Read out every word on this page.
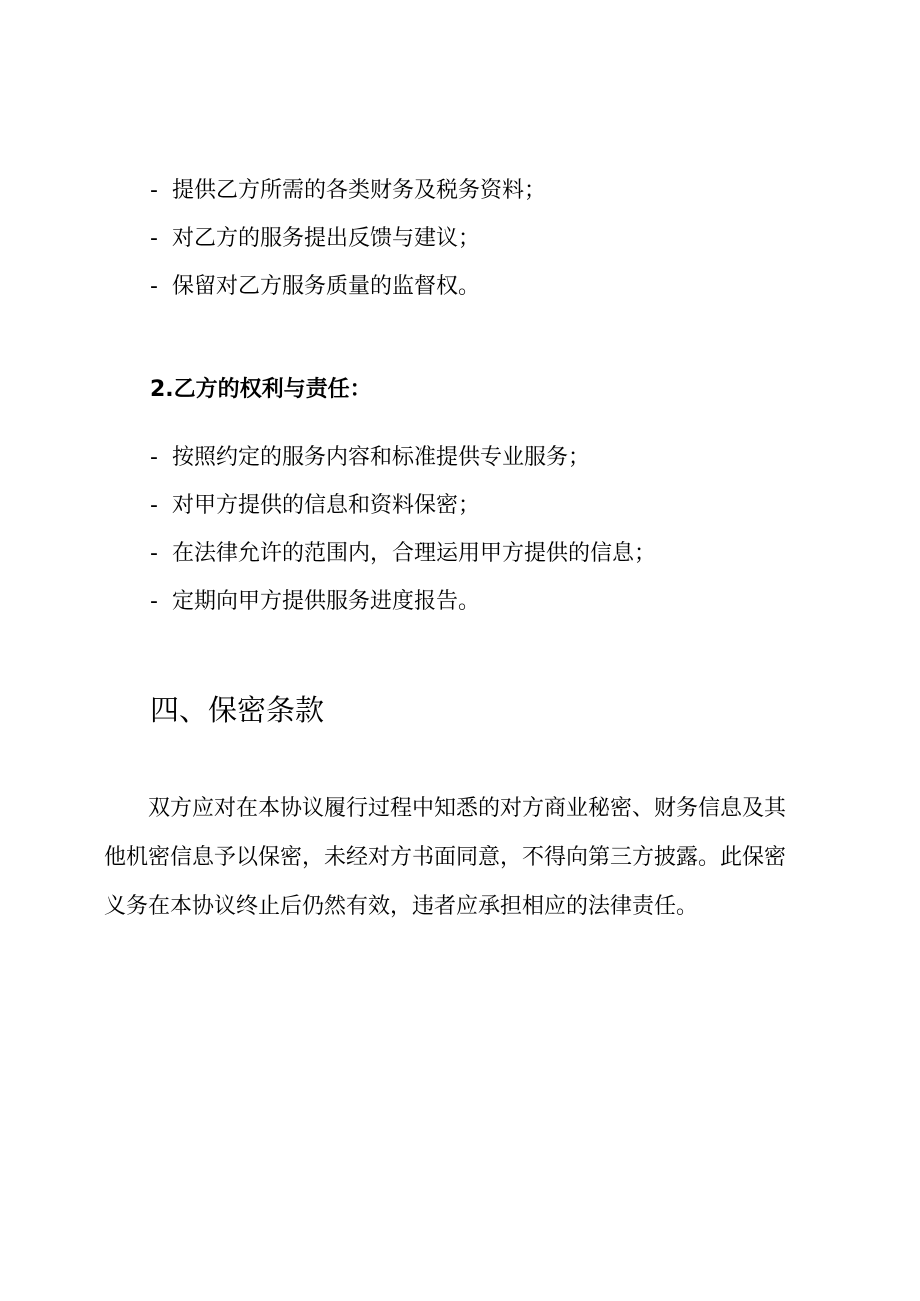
- 提供乙方所需的各类财务及税务资料；
- 对乙方的服务提出反馈与建议；
- 保留对乙方服务质量的监督权。
2.乙方的权利与责任：
- 按照约定的服务内容和标准提供专业服务；
- 对甲方提供的信息和资料保密；
- 在法律允许的范围内，合理运用甲方提供的信息；
- 定期向甲方提供服务进度报告。
四、保密条款

双方应对在本协议履行过程中知悉的对方商业秘密、财务信息及其他机密信息予以保密，未经对方书面同意，不得向第三方披露。此保密义务在本协议终止后仍然有效，违者应承担相应的法律责任。
